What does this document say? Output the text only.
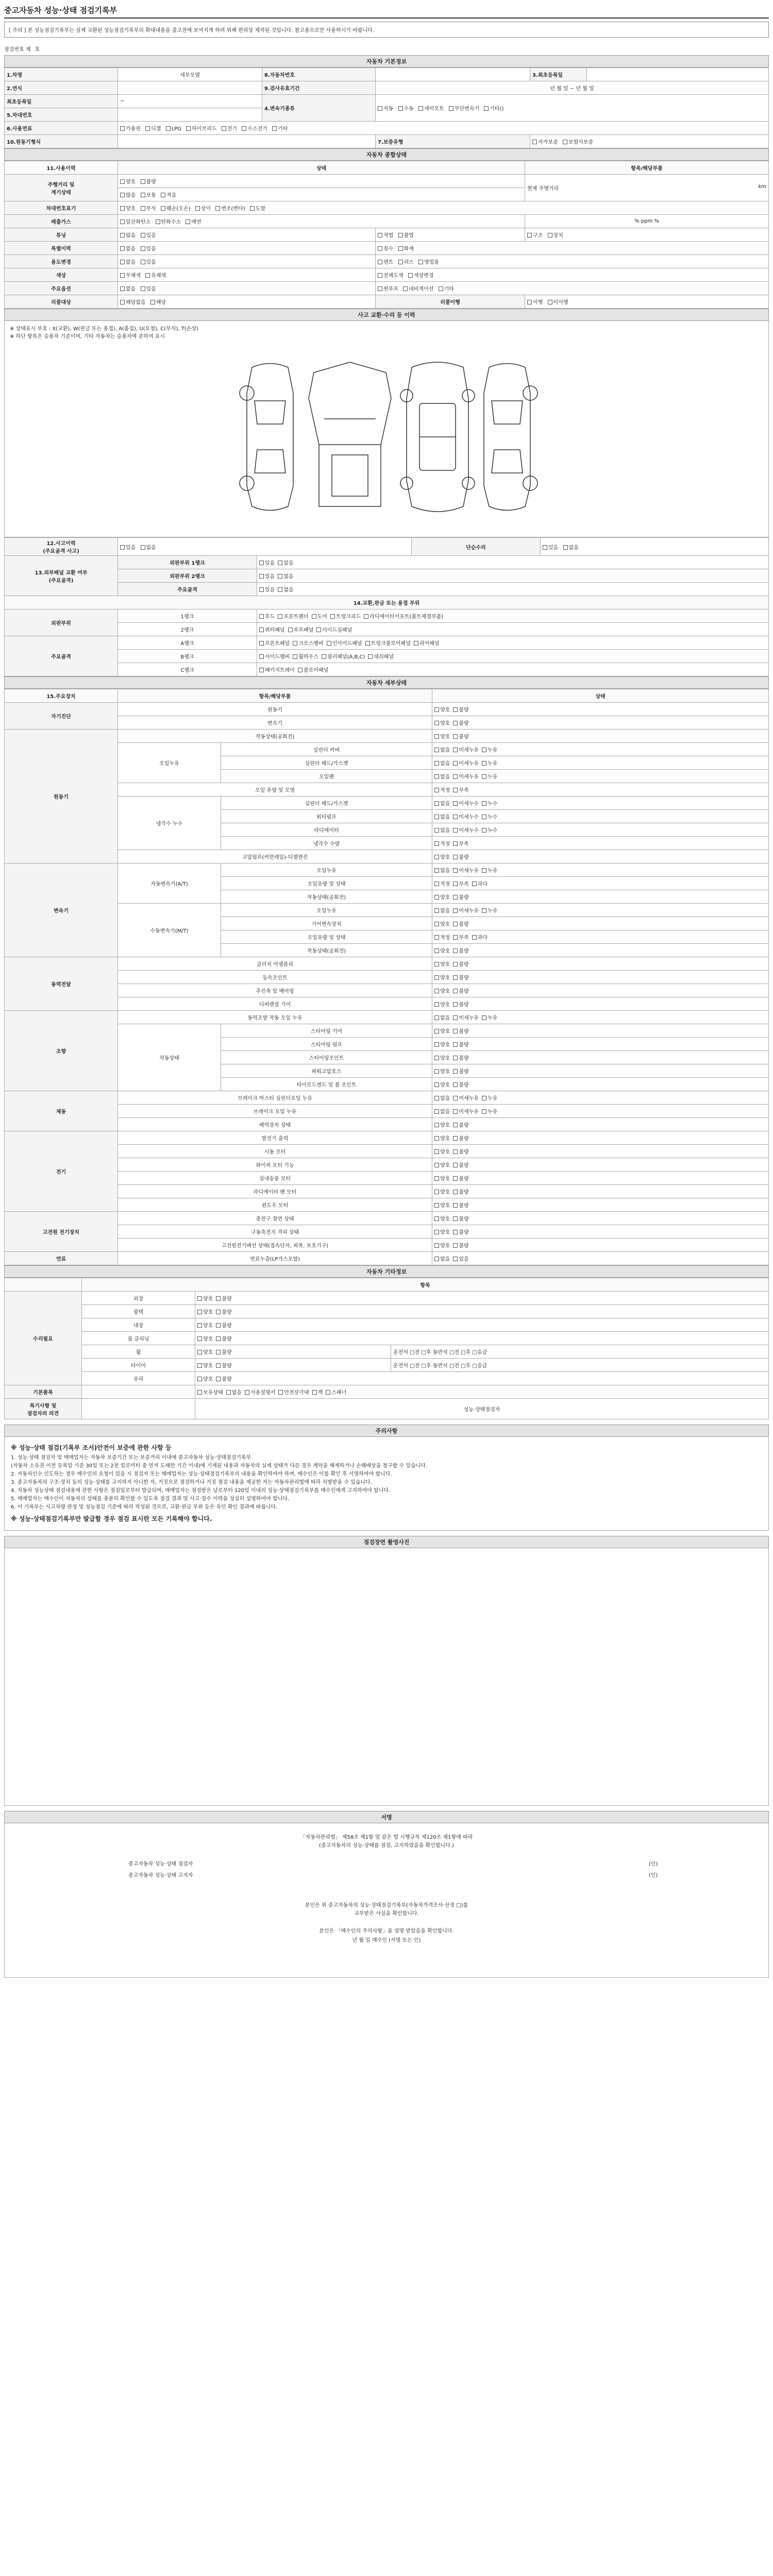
중고자동차 성능·상태 점검기록부
[ 주의 ] 본 성능점검기록부는 실제 교환된 성능점검기록부의 확대내용을 출고전에 보여지게 하려 위해 편리상 제작된 것입니다. 참고용으로만 사용하시기 바랍니다.
점검번호 제 호
자동차 기본정보
1.차명	세부모델	8.자동차번호		3.최초등록일	
2.연식		9.검사유효기간	년 월 일 ~ 년 월 일		
최초등록일	~	4.변속기종류	자동 수동 세미오토 무단변속기 기타()		
5.차대번호					
6.사용연료	가솔린 디젤 LPG 하이브리드 전기 수소전기 기타				
10.원동기형식			7.보증유형	자가보증 보험사보증	
자동차 종합상태
11.사용이력	상태		항목/해당부품
주행거리 및
계기상태	양호 불량		현재 주행거리 km

	많음 보통 적음		
차대번호표기	양호 부식 훼손(오손) 상이 변조(변타) 도말		
배출가스	일산화탄소 탄화수소 매연		% ppm %
튜닝	없음 있음	적법 불법	구조 장치
특별이력	없음 있음	침수 화재	
용도변경	없음 있음	렌트 리스 영업용	
색상	무채색 유채색	전체도색 색상변경	
주요옵션	없음 있음	썬루프 내비게이션 기타	
리콜대상	해당없음 해당	리콜이행	이행 미이행
사고 교환·수리 등 이력
※ 상태표시 부호 : X(교환), W(판금 또는 용접), A(흠집), U(요철), C(부식), T(손상)
※ 하단 항목은 승용차 기준이며, 기타 자동차는 승용차에 준하여 표시
12.사고이력
(주요골격 사고)	있음 없음		단순수리	있음 없음
13.외부패널 교환 여부
(주요골격)	외판부위 1랭크	있음 없음		
	외판부위 2랭크	있음 없음		
	주요골격	있음 없음		
14.교환,판금 또는 용접 부위				
외판부위	1랭크	후드 프론트펜더 도어 트렁크리드 라디에이터서포트(볼트체결부품)		
	2랭크	쿼터패널 루프패널 사이드실패널		
주요골격	A랭크	프론트패널 크로스멤버 인사이드패널 트렁크플로어패널 리어패널		
	B랭크	사이드멤버 휠하우스 필러패널(A,B,C) 대쉬패널		
	C랭크	패키지트레이 플로어패널		
자동차 세부상태
15.주요장치	항목/해당부품		상태
자기진단	원동기		양호 불량
	변속기		양호 불량
원동기	작동상태(공회전)		양호 불량
	오일누유	실린더 커버	없음 미세누유 누유
		실린더 헤드/가스켓	없음 미세누유 누유
		오일팬	없음 미세누유 누유
	오일 유량 및 오염		적정 부족
	냉각수 누수	실린더 헤드/가스켓	없음 미세누수 누수
		워터펌프	없음 미세누수 누수
		라디에이터	없음 미세누수 누수
		냉각수 수량	적정 부족
	고압펌프(커먼레일)-디젤엔진		양호 불량
변속기	자동변속기(A/T)	오일누유	없음 미세누유 누유
		오일유량 및 상태	적정 부족 과다
		작동상태(공회전)	양호 불량
	수동변속기(M/T)	오일누유	없음 미세누유 누유
		기어변속장치	양호 불량
		오일유량 및 상태	적정 부족 과다
		작동상태(공회전)	양호 불량
동력전달	클러치 어셈블리		양호 불량
	등속조인트		양호 불량
	추진축 및 베어링		양호 불량
	디퍼렌셜 기어		양호 불량
조향	동력조향 작동 오일 누유		없음 미세누유 누유
	작동상태	스티어링 기어	양호 불량
		스티어링 펌프	양호 불량
		스티어링조인트	양호 불량
		파워고압호스	양호 불량
		타이로드엔드 및 볼 조인트	양호 불량
제동	브레이크 마스터 실린더오일 누유		없음 미세누유 누유
	브레이크 오일 누유		없음 미세누유 누유
	배력장치 상태		양호 불량
전기	발전기 출력		양호 불량
	시동 모터		양호 불량
	와이퍼 모터 기능		양호 불량
	실내송풍 모터		양호 불량
	라디에이터 팬 모터		양호 불량
	윈도우 모터		양호 불량
고전원 전기장치	충전구 절연 상태		양호 불량
	구동축전지 격리 상태		양호 불량
	고전원전기배선 상태(접속단자, 피복, 보호기구)		양호 불량
연료	연료누출(LP가스포함)		없음 있음
자동차 기타정보
	항목		
수리필요	외장	양호 불량	
	광택	양호 불량	
	내장	양호 불량	
	룸 클리닝	양호 불량	
	휠	양호 불량	운전석 □전 □후 동반석 □전 □후 □응급
	타이어	양호 불량	운전석 □전 □후 동반석 □전 □후 □응급
	유리	양호 불량	
기본품목		보유상태 없음 사용설명서 안전삼각대 잭 스패너	
특기사항 및
점검자의 의견		성능·상태점검자	
주의사항
※ 성능·상태 점검(기록부 조서)안전이 보증에 관한 사항 등

1. 성능·상태 점검자 및 매매업자는 자동차 보증기간 또는 보증거리 이내에 중고자동차 성능·상태점검기록부

(자동차 소유권 이전 등록일 기준 30일 또는 2천 킬로미터 중 먼저 도래한 기간 이내)에 기재된 내용과 자동차의 실제 상태가 다른 경우 계약을 해제하거나 손해배상을 청구할 수 있습니다.

2. 자동차인수 인도하는 경우 매수인의 요청이 있을 시 점검자 또는 매매업자는 성능·상태점검기록부의 내용을 확인하여야 하며, 매수인은 이를 확인 후 서명하여야 합니다.

3. 중고자동차의 구조·장치 등의 성능·상태를 고지하지 아니한 자, 거짓으로 점검하거나 거짓 점검 내용을 제공한 자는 자동차관리법에 따라 처벌받을 수 있습니다.

4. 자동차 성능상태 점검내용에 관한 사항은 점검일로부터 발급되며, 매매업자는 점검받은 날로부터 120일 이내의 성능·상태점검기록부를 매수인에게 고지하여야 합니다.

5. 매매업자는 매수인이 자동차의 상태를 충분히 확인할 수 있도록 점검 결과 및 사고·침수 이력을 성실히 설명하여야 합니다.

6. 이 기록부는 사고차량 판정 및 성능점검 기준에 따라 작성된 것으로, 교환·판금 부위 등은 육안 확인 결과에 따릅니다.

※ 성능·상태점검기록부만 발급할 경우 점검 표시란 모든 기록해야 합니다.
점검장면 촬영사진
서명
「자동차관리법」 제58조 제1항 및 같은 법 시행규칙 제120조 제1항에 따라
(중고자동차의 성능·상태를 점검, 고지하였음을 확인합니다.)
중고자동차 성능·상태 점검자	(인)
중고자동차 성능·상태 고지자	(인)
본인은 위 중고자동차의 성능·상태점검기록부(자동차가격조사·산정 □)를
교부받은 사실을 확인합니다.
본인은 「매수인의 주의사항」을 설명 받았음을 확인합니다.
년 월 일 매수인 (서명 또는 인)
